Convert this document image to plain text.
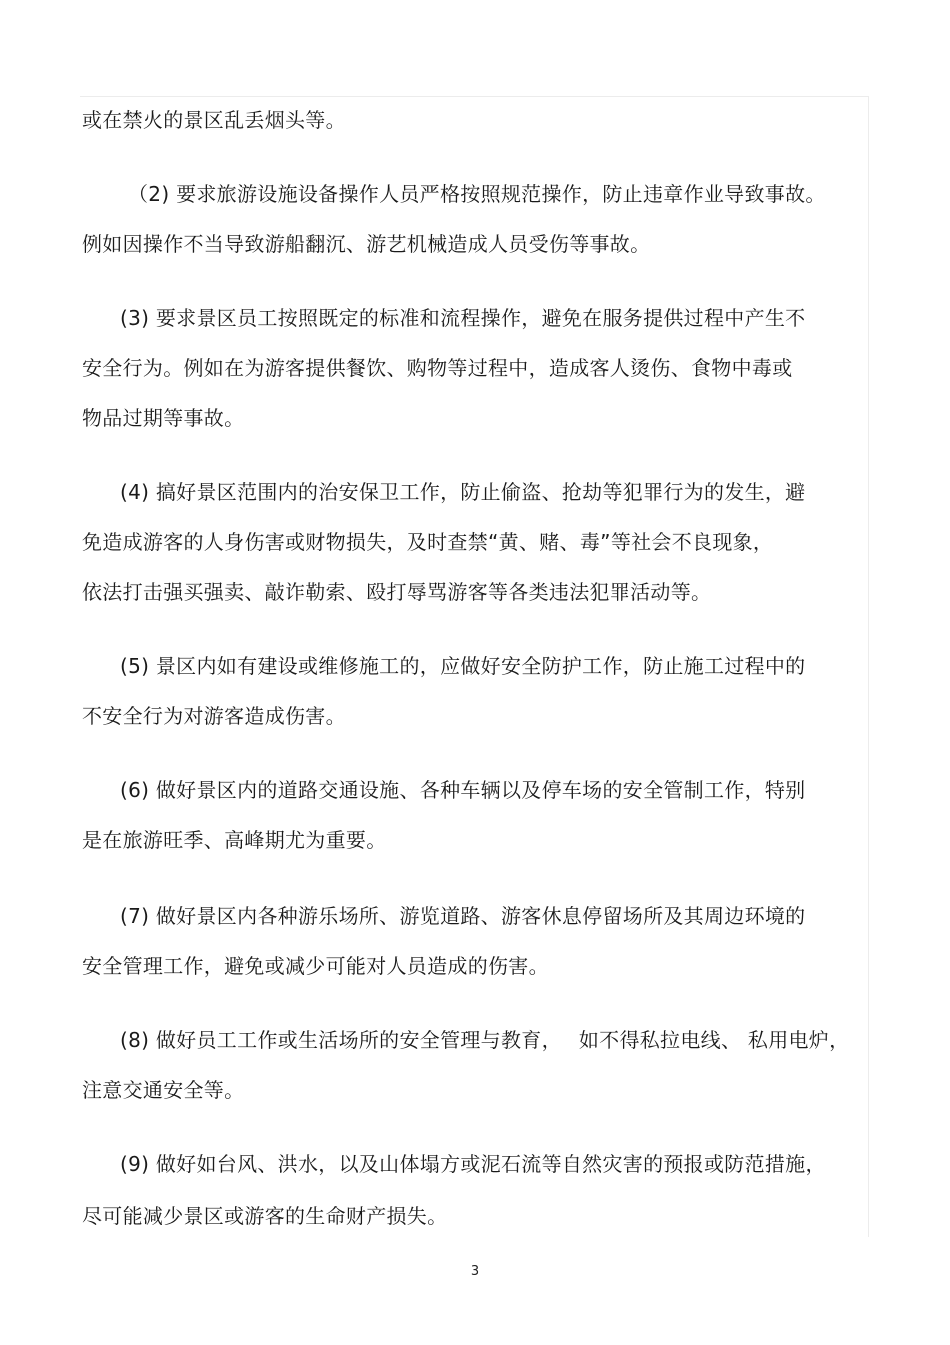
或在禁火的景区乱丢烟头等。
（2) 要求旅游设施设备操作人员严格按照规范操作，防止违章作业导致事故。
例如因操作不当导致游船翻沉、游艺机械造成人员受伤等事故。
(3) 要求景区员工按照既定的标准和流程操作，避免在服务提供过程中产生不
安全行为。例如在为游客提供餐饮、购物等过程中，造成客人烫伤、食物中毒或
物品过期等事故。
(4) 搞好景区范围内的治安保卫工作，防止偷盗、抢劫等犯罪行为的发生，避
免造成游客的人身伤害或财物损失，及时查禁“黄、赌、毒”等社会不良现象，
依法打击强买强卖、敲诈勒索、殴打辱骂游客等各类违法犯罪活动等。
(5) 景区内如有建设或维修施工的，应做好安全防护工作，防止施工过程中的
不安全行为对游客造成伤害。
(6) 做好景区内的道路交通设施、各种车辆以及停车场的安全管制工作，特别
是在旅游旺季、高峰期尤为重要。
(7) 做好景区内各种游乐场所、游览道路、游客休息停留场所及其周边环境的
安全管理工作，避免或减少可能对人员造成的伤害。
(8) 做好员工工作或生活场所的安全管理与教育，　 如不得私拉电线、 私用电炉，
注意交通安全等。
(9) 做好如台风、洪水，以及山体塌方或泥石流等自然灾害的预报或防范措施，
尽可能减少景区或游客的生命财产损失。
3
